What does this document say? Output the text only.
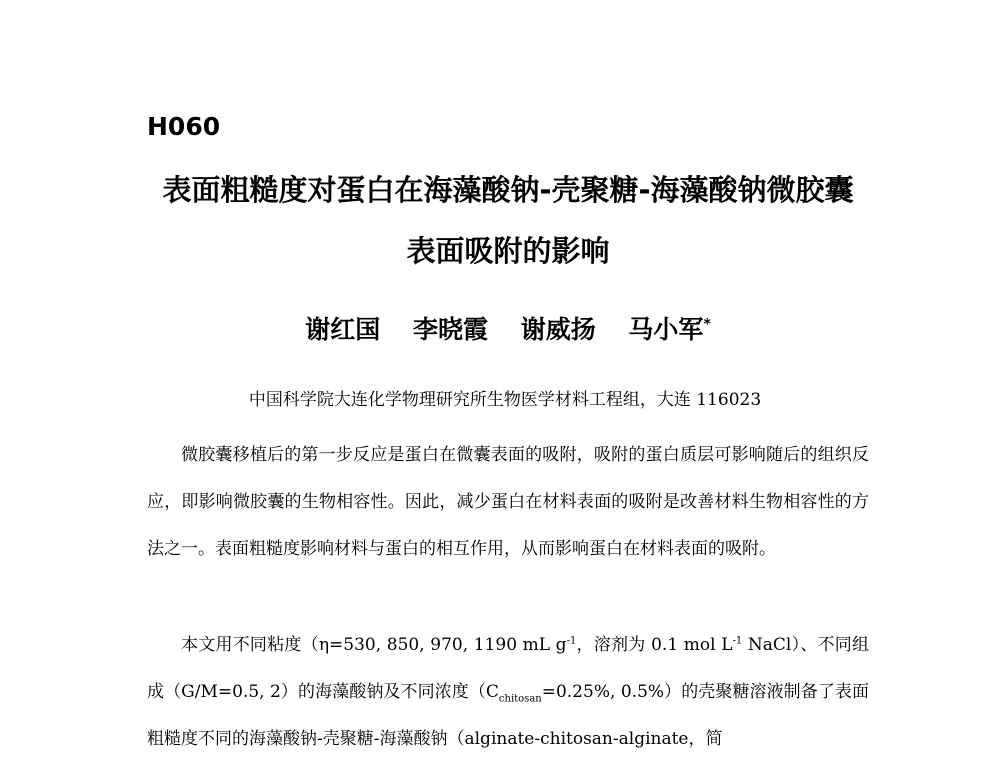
H060
表面粗糙度对蛋白在海藻酸钠-壳聚糖-海藻酸钠微胶囊
表面吸附的影响
谢红国 李晓霞 谢威扬 马小军*
中国科学院大连化学物理研究所生物医学材料工程组，大连 116023
微胶囊移植后的第一步反应是蛋白在微囊表面的吸附，吸附的蛋白质层可影响随后的组织反应，即影响微胶囊的生物相容性。因此，减少蛋白在材料表面的吸附是改善材料生物相容性的方法之一。表面粗糙度影响材料与蛋白的相互作用，从而影响蛋白在材料表面的吸附。
本文用不同粘度（η=530, 850, 970, 1190 mL $g^{-1}$，溶剂为 0.1 mol $L^{-1}$ NaCl）、不同组成（G/M=0.5, 2）的海藻酸钠及不同浓度（$C_{chitosan}=0.25\%$, 0.5%）的壳聚糖溶液制备了表面粗糙度不同的海藻酸钠-壳聚糖-海藻酸钠（alginate-chitosan-alginate，简
